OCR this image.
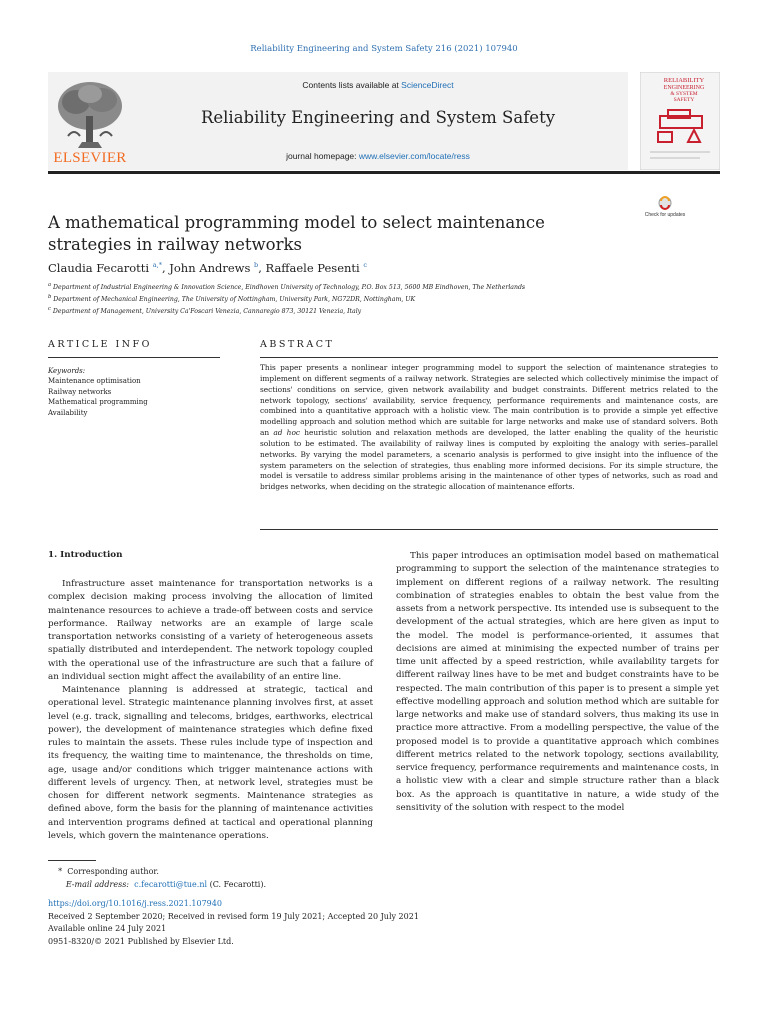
Reliability Engineering and System Safety 216 (2021) 107940
ELSEVIER
Contents lists available at ScienceDirect
Reliability Engineering and System Safety
journal homepage: www.elsevier.com/locate/ress
RELIABILITY
ENGINEERING
& SYSTEM
SAFETY
Check for updates
A mathematical programming model to select maintenance strategies in railway networks
Claudia Fecarotti $^{a,*}$, John Andrews $^b$, Raffaele Pesenti $^c$
$^a$ Department of Industrial Engineering & Innovation Science, Eindhoven University of Technology, P.O. Box 513, 5600 MB Eindhoven, The Netherlands
$^b$ Department of Mechanical Engineering, The University of Nottingham, University Park, NG72DR, Nottingham, UK
$^c$ Department of Management, University Ca'Foscari Venezia, Cannaregio 873, 30121 Venezia, Italy
ARTICLE INFO
Keywords:
Maintenance optimisation
Railway networks
Mathematical programming
Availability
ABSTRACT
This paper presents a nonlinear integer programming model to support the selection of maintenance strategies to implement on different segments of a railway network. Strategies are selected which collectively minimise the impact of sections' conditions on service, given network availability and budget constraints. Different metrics related to the network topology, sections' availability, service frequency, performance requirements and maintenance costs, are combined into a quantitative approach with a holistic view. The main contribution is to provide a simple yet effective modelling approach and solution method which are suitable for large networks and make use of standard solvers. Both an ad hoc heuristic solution and relaxation methods are developed, the latter enabling the quality of the heuristic solution to be estimated. The availability of railway lines is computed by exploiting the analogy with series–parallel networks. By varying the model parameters, a scenario analysis is performed to give insight into the influence of the system parameters on the selection of strategies, thus enabling more informed decisions. For its simple structure, the model is versatile to address similar problems arising in the maintenance of other types of networks, such as road and bridges networks, when deciding on the strategic allocation of maintenance efforts.
1. Introduction

Infrastructure asset maintenance for transportation networks is a complex decision making process involving the allocation of limited maintenance resources to achieve a trade-off between costs and service performance. Railway networks are an example of large scale transportation networks consisting of a variety of heterogeneous assets spatially distributed and interdependent. The network topology coupled with the operational use of the infrastructure are such that a failure of an individual section might affect the availability of an entire line.

Maintenance planning is addressed at strategic, tactical and operational level. Strategic maintenance planning involves first, at asset level (e.g. track, signalling and telecoms, bridges, earthworks, electrical power), the development of maintenance strategies which define fixed rules to maintain the assets. These rules include type of inspection and its frequency, the waiting time to maintenance, the thresholds on time, age, usage and/or conditions which trigger maintenance actions with different levels of urgency. Then, at network level, strategies must be chosen for different network segments. Maintenance strategies as defined above, form the basis for the planning of maintenance activities and intervention programs defined at tactical and operational planning levels, which govern the maintenance operations.

This paper introduces an optimisation model based on mathematical programming to support the selection of the maintenance strategies to implement on different regions of a railway network. The resulting combination of strategies enables to obtain the best value from the assets from a network perspective. Its intended use is subsequent to the development of the actual strategies, which are here given as input to the model. The model is performance-oriented, it assumes that decisions are aimed at minimising the expected number of trains per time unit affected by a speed restriction, while availability targets for different railway lines have to be met and budget constraints have to be respected. The main contribution of this paper is to present a simple yet effective modelling approach and solution method which are suitable for large networks and make use of standard solvers, thus making its use in practice more attractive. From a modelling perspective, the value of the proposed model is to provide a quantitative approach which combines different metrics related to the network topology, sections availability, service frequency, performance requirements and maintenance costs, in a holistic view with a clear and simple structure rather than a black box. As the approach is quantitative in nature, a wide study of the sensitivity of the solution with respect to the model

* Corresponding author.
E-mail address: c.fecarotti@tue.nl (C. Fecarotti).
https://doi.org/10.1016/j.ress.2021.107940
Received 2 September 2020; Received in revised form 19 July 2021; Accepted 20 July 2021
Available online 24 July 2021
0951-8320/© 2021 Published by Elsevier Ltd.
